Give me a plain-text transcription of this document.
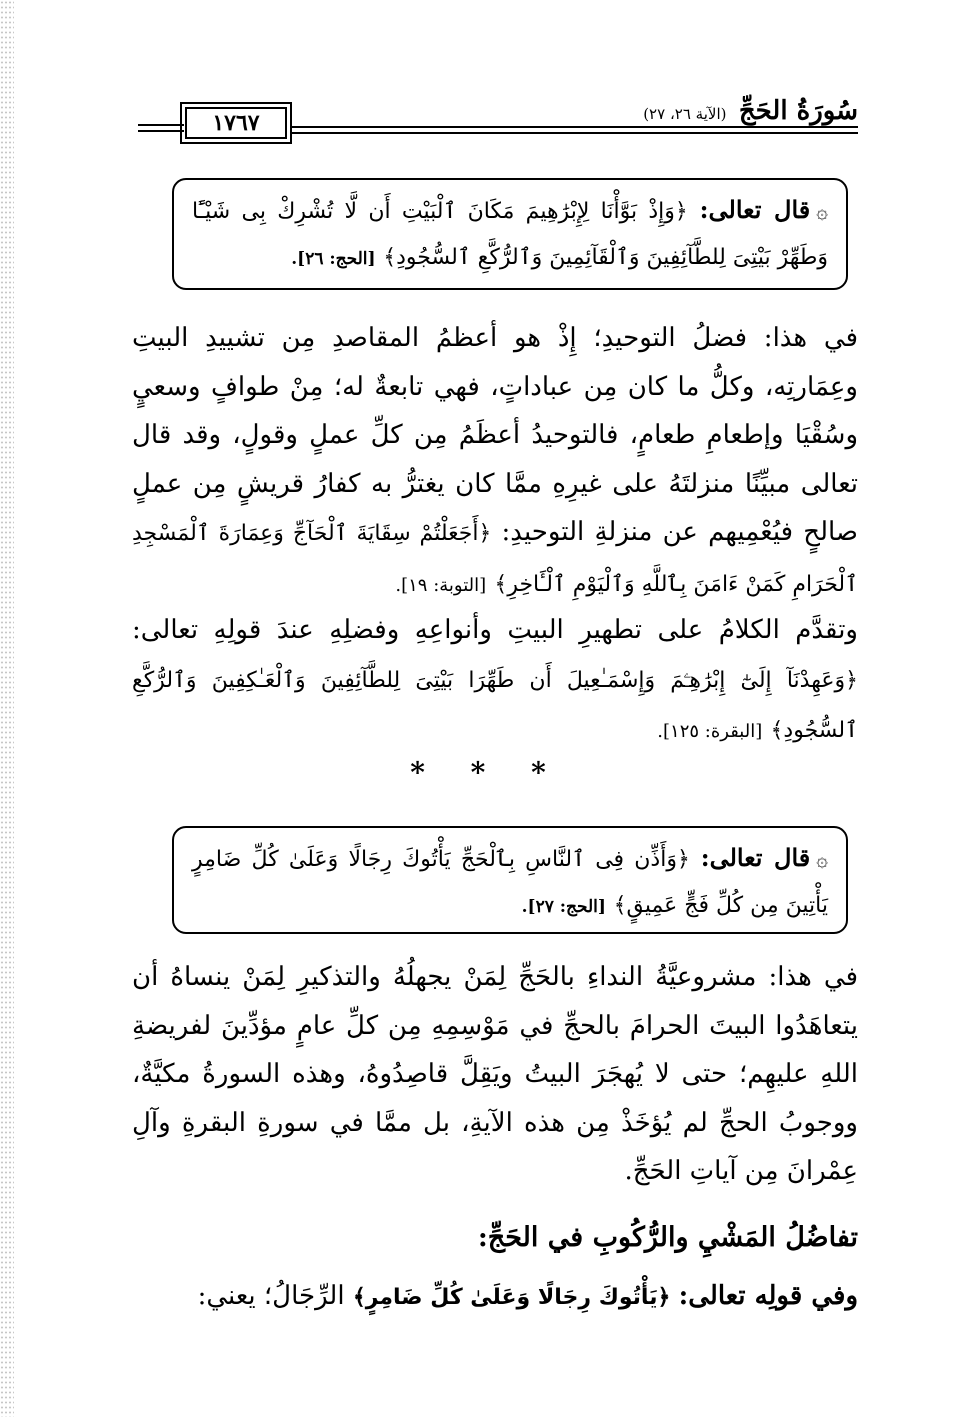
١٧٦٧	سُورَةُ الحَجِّ (الآية ٢٦، ٢٧)
۞قال تعالى: ﴿وَإِذْ بَوَّأْنَا لِإِبْرَٰهِيمَ مَكَانَ ٱلْبَيْتِ أَن لَّا تُشْرِكْ بِى شَيْـًٔا وَطَهِّرْ بَيْتِىَ لِلطَّآئِفِينَ وَٱلْقَآئِمِينَ وَٱلرُّكَّعِ ٱلسُّجُودِ﴾ [الحج: ٢٦].
في هذا: فضلُ التوحيدِ؛ إِذْ هو أعظمُ المقاصدِ مِن تشييدِ البيتِ وعِمَارتِه، وكلُّ ما كان مِن عباداتٍ، فهي تابعةٌ له؛ مِنْ طوافٍ وسعيٍ وسُقْيَا وإطعامِ طعامٍ، فالتوحيدُ أعظَمُ مِن كلِّ عملٍ وقولٍ، وقد قال تعالى مبيِّنًا منزلتَهُ على غيرِهِ ممَّا كان يغترُّ به كفارُ قريشٍ مِن عملٍ صالحٍ فيُعْمِيهم عن منزلةِ التوحيدِ: ﴿أَجَعَلْتُمْ سِقَايَةَ ٱلْحَآجِّ وَعِمَارَةَ ٱلْمَسْجِدِ ٱلْحَرَامِ كَمَنْ ءَامَنَ بِٱللَّهِ وَٱلْيَوْمِ ٱلْـَٔاخِرِ﴾ [التوبة: ١٩].
وتقدَّم الكلامُ على تطهيرِ البيتِ وأنواعِهِ وفضلِهِ عندَ قولِهِ تعالى: ﴿وَعَهِدْنَآ إِلَىٰٓ إِبْرَٰهِـۧمَ وَإِسْمَـٰعِيلَ أَن طَهِّرَا بَيْتِىَ لِلطَّآئِفِينَ وَٱلْعَـٰكِفِينَ وَٱلرُّكَّعِ ٱلسُّجُودِ﴾ [البقرة: ١٢٥].
* * *
۞قال تعالى: ﴿وَأَذِّن فِى ٱلنَّاسِ بِٱلْحَجِّ يَأْتُوكَ رِجَالًا وَعَلَىٰ كُلِّ ضَامِرٍ يَأْتِينَ مِن كُلِّ فَجٍّ عَمِيقٍ﴾ [الحج: ٢٧].
في هذا: مشروعيَّةُ النداءِ بالحَجِّ لِمَنْ يجهلُهُ والتذكيرِ لِمَنْ ينساهُ أن يتعاهَدُوا البيتَ الحرامَ بالحجِّ في مَوْسِمِهِ مِن كلِّ عامٍ مؤدِّينَ لفريضةِ اللهِ عليهِم؛ حتى لا يُهجَرَ البيتُ ويَقِلَّ قاصِدُوهُ، وهذه السورةُ مكيَّةٌ، ووجوبُ الحجِّ لم يُؤخَذْ مِن هذه الآيةِ، بل ممَّا في سورةِ البقرةِ وآلِ عِمْرانَ مِن آياتِ الحَجِّ.
تفاضُلُ المَشْيِ والرُّكُوبِ في الحَجِّ:
وفي قولِه تعالى: ﴿يَأْتُوكَ رِجَالًا وَعَلَىٰ كُلِّ ضَامِرٍ﴾ الرِّجَالُ؛ يعني:
